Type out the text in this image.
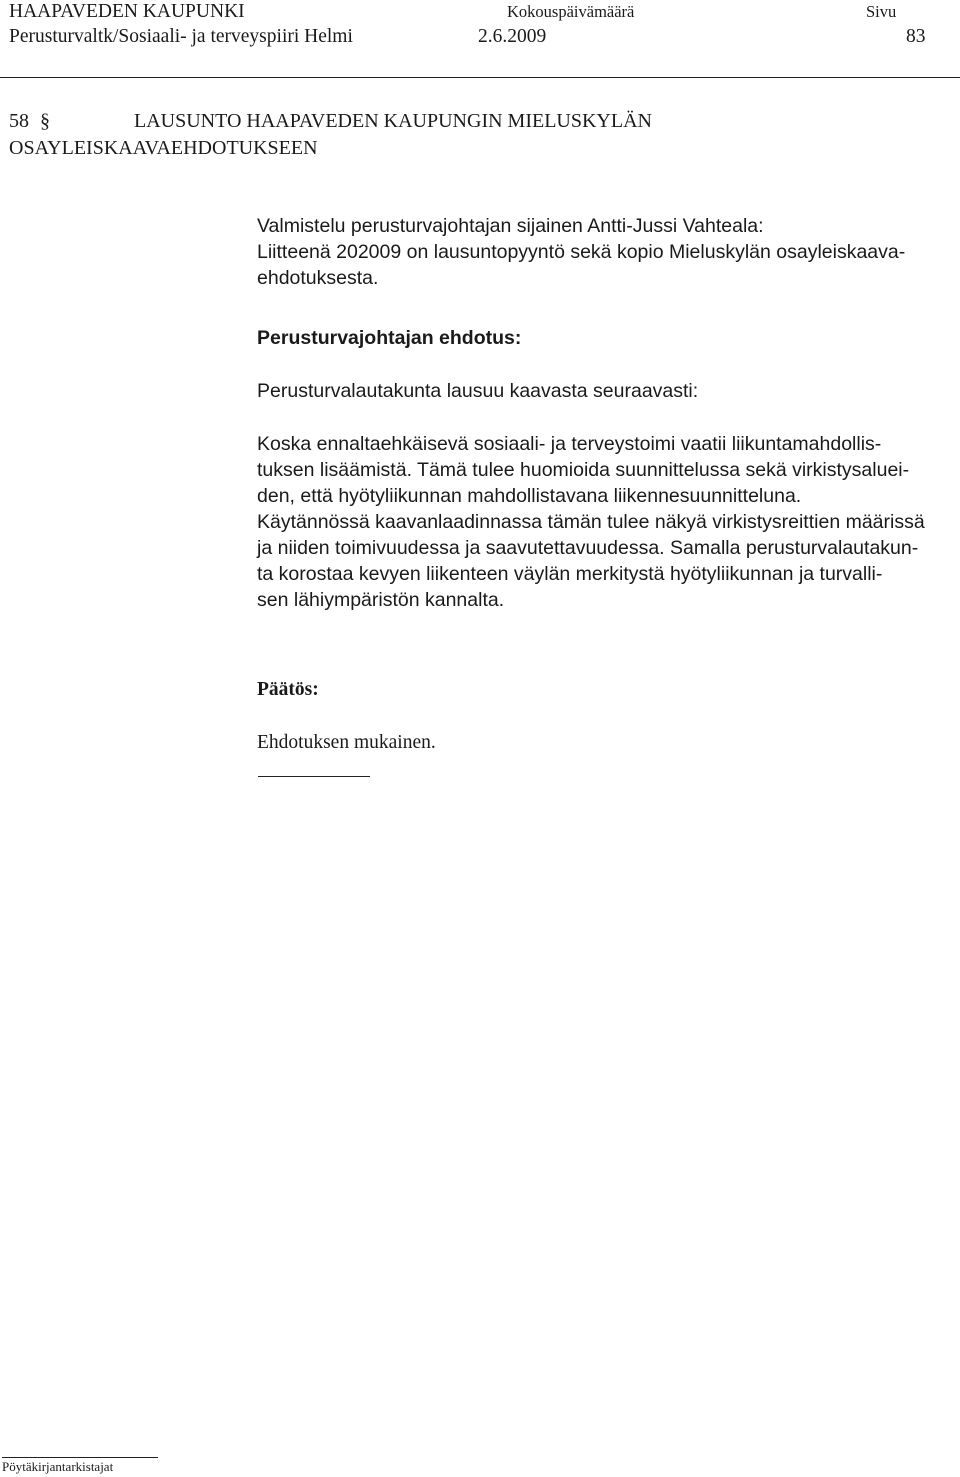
HAAPAVEDEN KAUPUNKI	Kokouspäivämäärä	Sivu
Perusturvaltk/Sosiaali- ja terveyspiiri Helmi	2.6.2009	83
58 §	LAUSUNTO HAAPAVEDEN KAUPUNGIN MIELUSKYLÄN
OSAYLEISKAAVAEHDOTUKSEEN

Valmistelu perusturvajohtajan sijainen Antti-Jussi Vahteala:

Liitteenä 202009 on lausuntopyyntö sekä kopio Mieluskylän osayleiskaava-

ehdotuksesta.

Perusturvajohtajan ehdotus:
Perusturvalautakunta lausuu kaavasta seuraavasti:

Koska ennaltaehkäisevä sosiaali- ja terveystoimi vaatii liikuntamahdollis-

tuksen lisäämistä. Tämä tulee huomioida suunnittelussa sekä virkistysaluei-

den, että hyötyliikunnan mahdollistavana liikennesuunnitteluna.

Käytännössä kaavanlaadinnassa tämän tulee näkyä virkistysreittien määrissä

ja niiden toimivuudessa ja saavutettavuudessa. Samalla perusturvalautakun-

ta korostaa kevyen liikenteen väylän merkitystä hyötyliikunnan ja turvalli-

sen lähiympäristön kannalta.

Päätös:
Ehdotuksen mukainen.
Pöytäkirjantarkistajat
